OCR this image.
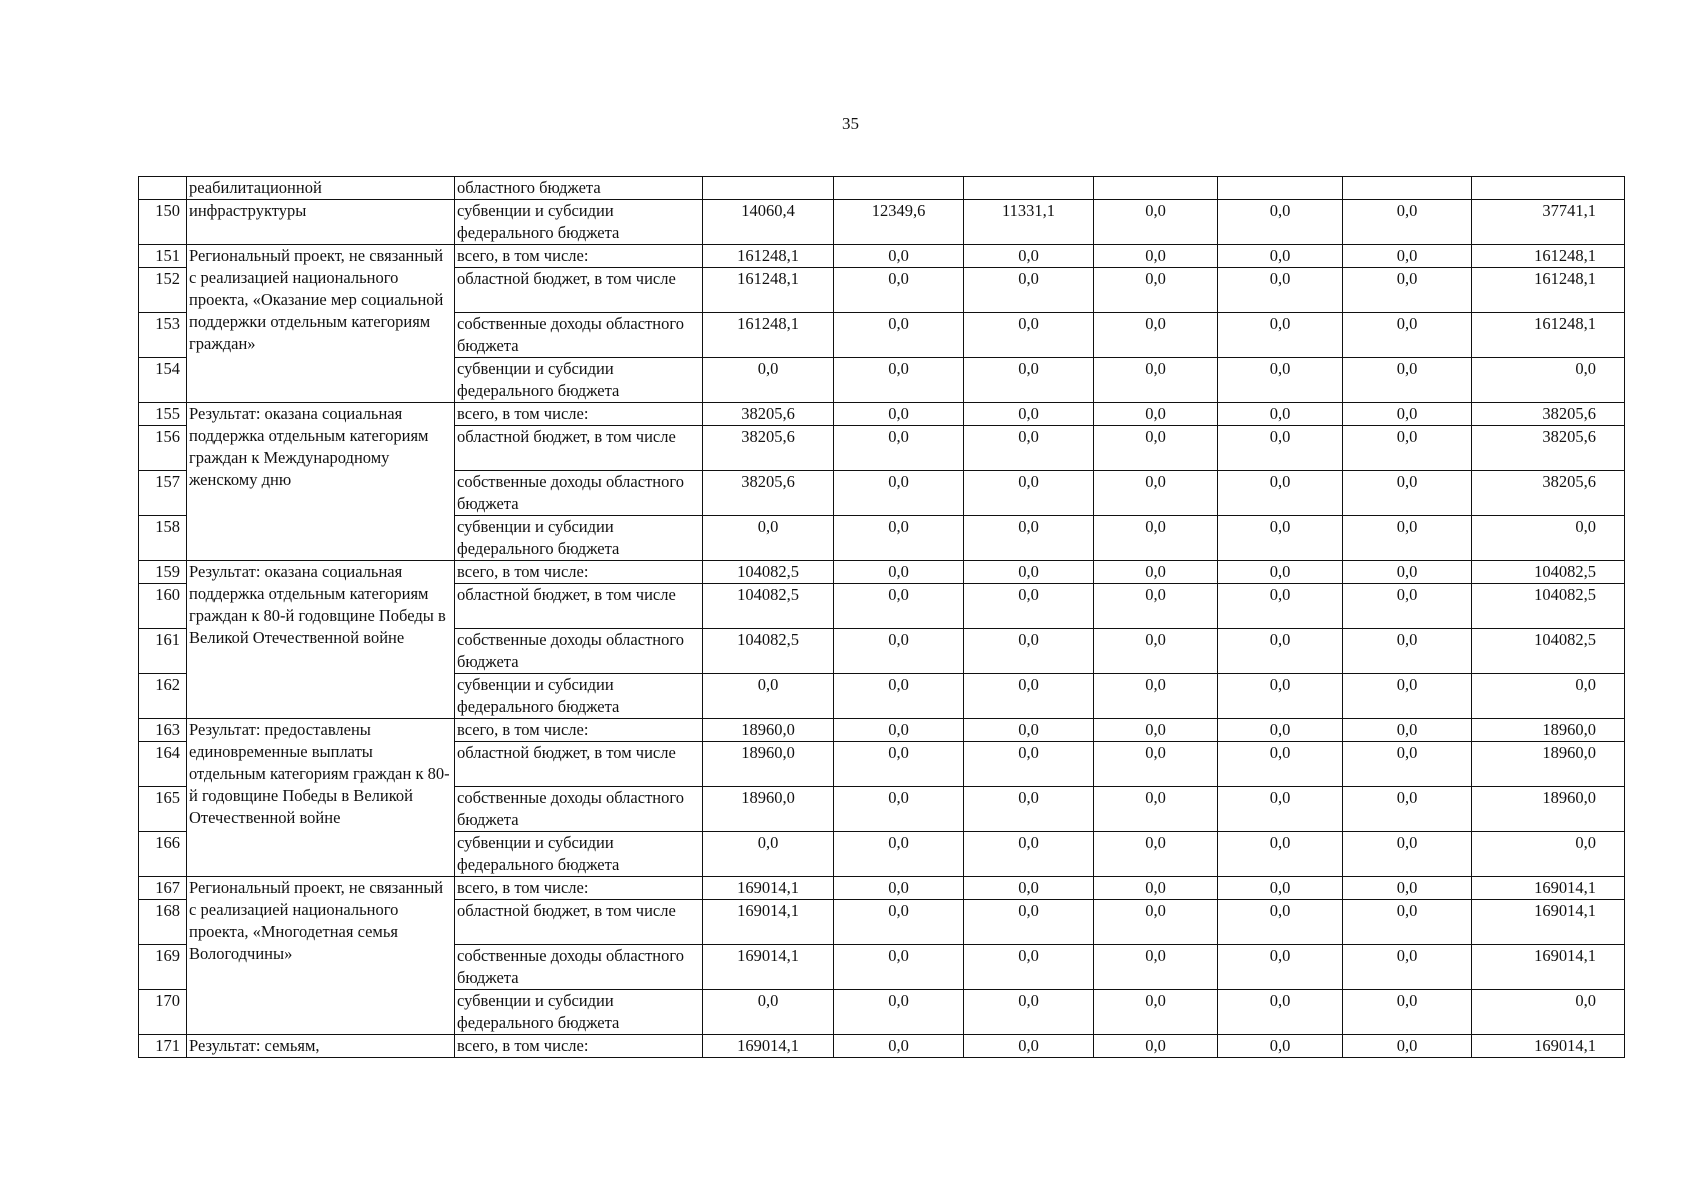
35
	реабилитационной	областного бюджета							
150	инфраструктуры	субвенции и субсидии федерального бюджета	14060,4	12349,6	11331,1	0,0	0,0	0,0	37741,1
151	Региональный проект, не связанный с реализацией национального проекта, «Оказание мер социальной поддержки отдельным категориям граждан»	всего, в том числе:	161248,1	0,0	0,0	0,0	0,0	0,0	161248,1
152		областной бюджет, в том числе	161248,1	0,0	0,0	0,0	0,0	0,0	161248,1
153		собственные доходы областного бюджета	161248,1	0,0	0,0	0,0	0,0	0,0	161248,1
154		субвенции и субсидии федерального бюджета	0,0	0,0	0,0	0,0	0,0	0,0	0,0
155	Результат: оказана социальная поддержка отдельным категориям граждан к Международному женскому дню	всего, в том числе:	38205,6	0,0	0,0	0,0	0,0	0,0	38205,6
156		областной бюджет, в том числе	38205,6	0,0	0,0	0,0	0,0	0,0	38205,6
157		собственные доходы областного бюджета	38205,6	0,0	0,0	0,0	0,0	0,0	38205,6
158		субвенции и субсидии федерального бюджета	0,0	0,0	0,0	0,0	0,0	0,0	0,0
159	Результат: оказана социальная поддержка отдельным категориям граждан к 80-й годовщине Победы в Великой Отечественной войне	всего, в том числе:	104082,5	0,0	0,0	0,0	0,0	0,0	104082,5
160		областной бюджет, в том числе	104082,5	0,0	0,0	0,0	0,0	0,0	104082,5
161		собственные доходы областного бюджета	104082,5	0,0	0,0	0,0	0,0	0,0	104082,5
162		субвенции и субсидии федерального бюджета	0,0	0,0	0,0	0,0	0,0	0,0	0,0
163	Результат: предоставлены единовременные выплаты отдельным категориям граждан к 80-й годовщине Победы в Великой Отечественной войне	всего, в том числе:	18960,0	0,0	0,0	0,0	0,0	0,0	18960,0
164		областной бюджет, в том числе	18960,0	0,0	0,0	0,0	0,0	0,0	18960,0
165		собственные доходы областного бюджета	18960,0	0,0	0,0	0,0	0,0	0,0	18960,0
166		субвенции и субсидии федерального бюджета	0,0	0,0	0,0	0,0	0,0	0,0	0,0
167	Региональный проект, не связанный с реализацией национального проекта, «Многодетная семья Вологодчины»	всего, в том числе:	169014,1	0,0	0,0	0,0	0,0	0,0	169014,1
168		областной бюджет, в том числе	169014,1	0,0	0,0	0,0	0,0	0,0	169014,1
169		собственные доходы областного бюджета	169014,1	0,0	0,0	0,0	0,0	0,0	169014,1
170		субвенции и субсидии федерального бюджета	0,0	0,0	0,0	0,0	0,0	0,0	0,0
171	Результат: семьям,	всего, в том числе:	169014,1	0,0	0,0	0,0	0,0	0,0	169014,1
